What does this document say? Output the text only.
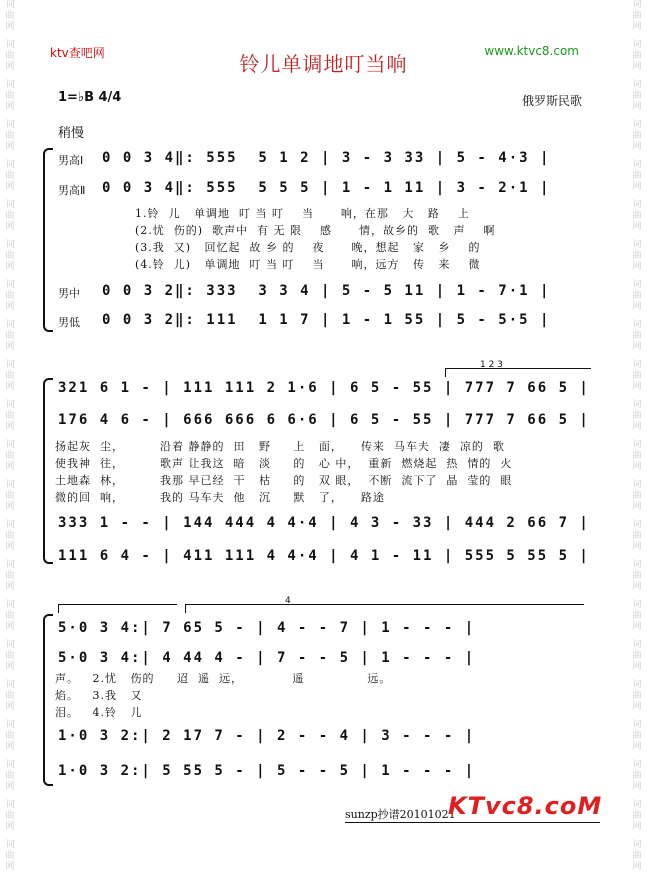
词
曲
网
词
曲
网
词
曲
网
词
曲
网
词
曲
网
词
曲
网
词
曲
网
词
曲
网
词
曲
网
词
曲
网
词
曲
网
词
曲
网
词
曲
网
词
曲
网
词
曲
网
词
曲
网
词
曲
网
词
曲
网
词
曲
网
词
曲
网
词
曲
网
词
曲
网
词
曲
网
词
曲
网
词
曲
网
词
曲
网
词
曲
网
词
曲
网
词
曲
网
词
曲
网
词
曲
网
词
曲
网
词
曲
网
词
曲
网
词
曲
网
词
曲
网
词
曲
网
词
曲
网
词
曲
网
词
曲
网
词
曲
网
词
曲
网
词
曲
网
词
曲
网
ktv查吧网	www.ktvc8.com
铃儿单调地叮当响
1=♭B 4/4	俄罗斯民歌
稍慢
男高Ⅰ 0 0 3 4‖: 555  5 1 2 | 3 - 3 33 | 5 - 4·3 |
男高Ⅱ 0 0 3 4‖: 555  5 5 5 | 1 - 1 11 | 3 - 2·1 |
1.铃  儿   单调地  叮 当 叮    当      响，在那   大   路    上
(2.忧  伤的)  歌声中  有 无 限    感      情，故乡的  歌   声    啊
(3.我  又)   回忆起  故 乡 的    夜      晚，想起   家   乡    的
(4.铃  儿)   单调地  叮 当 叮    当      响，远方   传   来    微
男中 0 0 3 2‖: 333  3 3 4 | 5 - 5 11 | 1 - 7·1 |
男低 0 0 3 2‖: 111  1 1 7 | 1 - 1 55 | 5 - 5·5 |
1 2 3
321 6 1 - | 111 111 2 1·6 | 6 5 - 55 | 777 7 66 5 |
176 4 6 - | 666 666 6 6·6 | 6 5 - 55 | 777 7 66 5 |
扬起灰  尘，        沿着 静静的  田   野     上   面，    传来  马车夫  凄  凉的  歌
使我神  往，        歌声 让我这  暗   淡     的   心 中，  重新  燃烧起  热  情的  火
土地森  林，        我那 早已经  干   枯     的   双 眼，  不断  流下了  晶  莹的  眼
微的回  响，        我的 马车夫  他   沉     默   了，    路途
333 1 - - | 144 444 4 4·4 | 4 3 - 33 | 444 2 66 7 |
111 6 4 - | 411 111 4 4·4 | 4 1 - 11 | 555 5 55 5 |
4
5·0 3 4:| 7 65 5 - | 4 - - 7 | 1 - - - |
5·0 3 4:| 4 44 4 - | 7 - - 5 | 1 - - - |
声。   2.忧   伤的     迢  遥  远，           遥              远。
焰。   3.我   又
泪。   4.铃   儿
1·0 3 2:| 2 17 7 - | 2 - - 4 | 3 - - - |
1·0 3 2:| 5 55 5 - | 5 - - 5 | 1 - - - |
sunzp抄谱20101021
KTvc8.coM
